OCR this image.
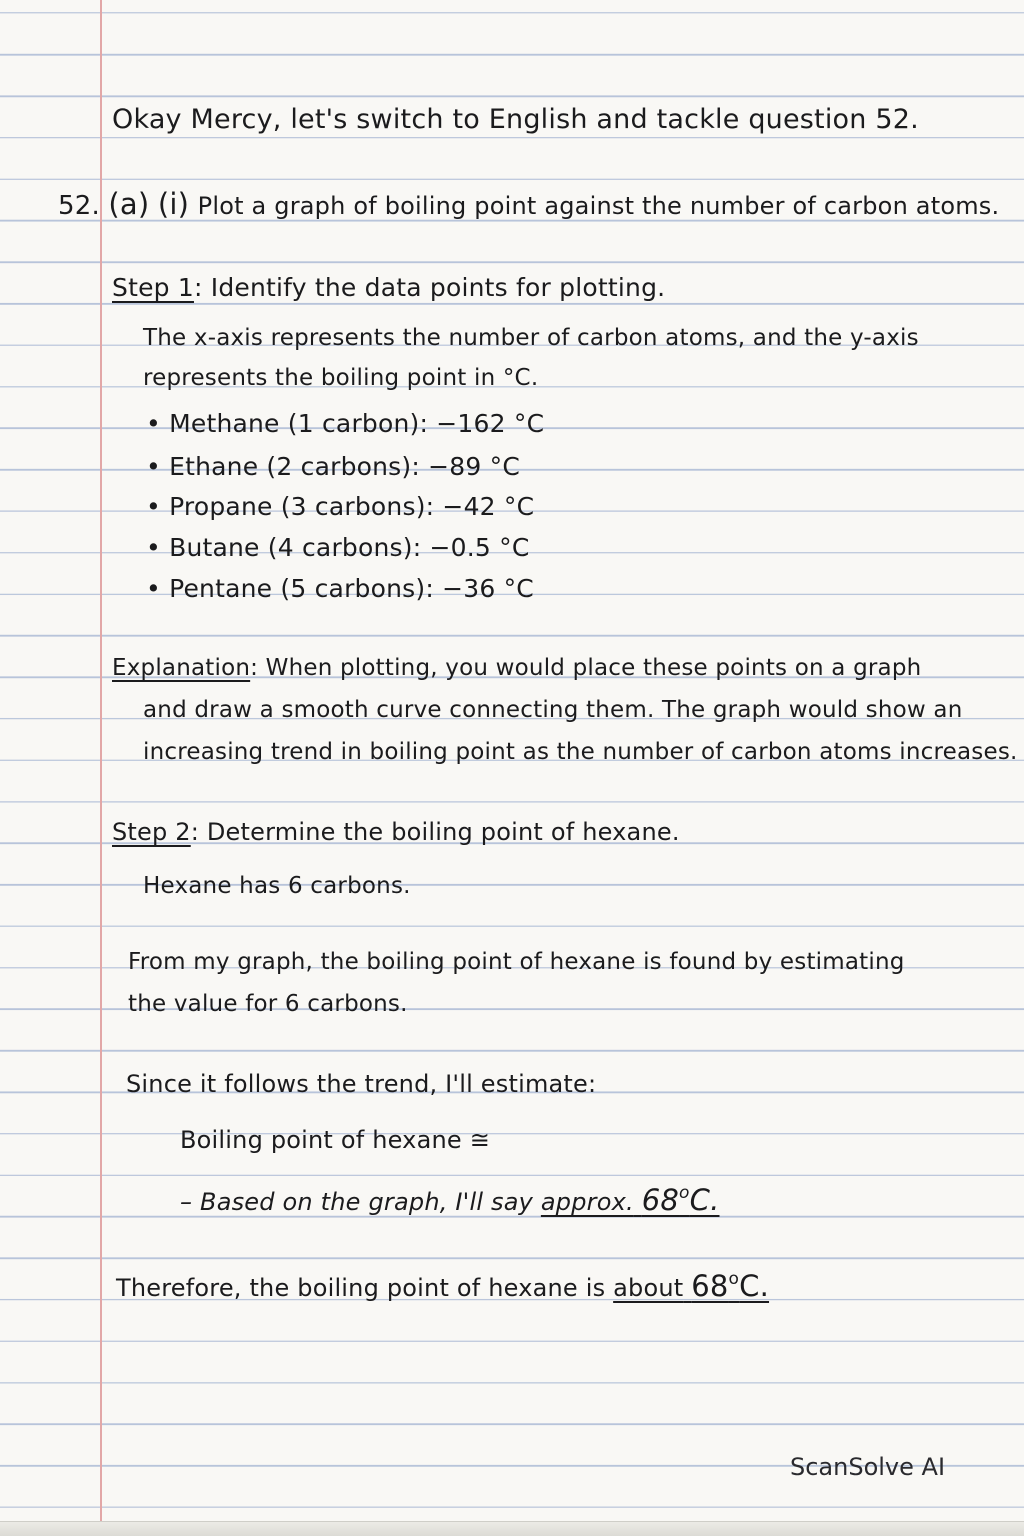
Okay Mercy, let's switch to English and tackle question 52.
52. (a) (i) Plot a graph of boiling point against the number of carbon atoms.
Step 1: Identify the data points for plotting.
The x-axis represents the number of carbon atoms, and the y-axis
represents the boiling point in °C.
• Methane (1 carbon): −162 °C
• Ethane (2 carbons): −89 °C
• Propane (3 carbons): −42 °C
• Butane (4 carbons): −0.5 °C
• Pentane (5 carbons): −36 °C
Explanation: When plotting, you would place these points on a graph
and draw a smooth curve connecting them. The graph would show an
increasing trend in boiling point as the number of carbon atoms increases.
Step 2: Determine the boiling point of hexane.
Hexane has 6 carbons.
From my graph, the boiling point of hexane is found by estimating
the value for 6 carbons.
Since it follows the trend, I'll estimate:
Boiling point of hexane ≅
– Based on the graph, I'll say approx. 68$^o$C.
Therefore, the boiling point of hexane is about 68$^o$C.
ScanSolve AI
